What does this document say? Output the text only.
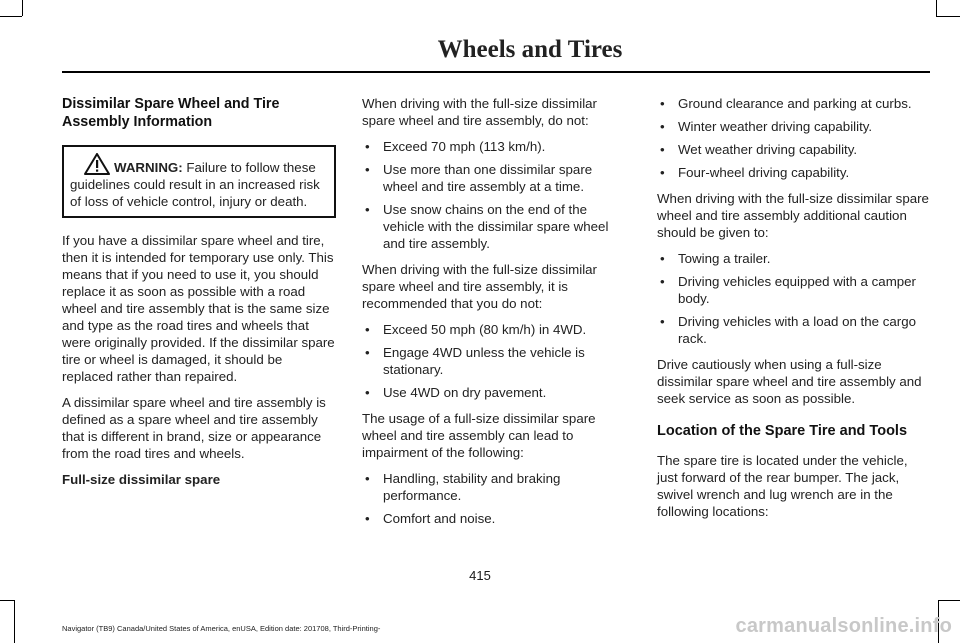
Wheels and Tires
Dissimilar Spare Wheel and Tire Assembly Information
WARNING: Failure to follow these guidelines could result in an increased risk of loss of vehicle control, injury or death.

If you have a dissimilar spare wheel and tire, then it is intended for temporary use only. This means that if you need to use it, you should replace it as soon as possible with a road wheel and tire assembly that is the same size and type as the road tires and wheels that were originally provided. If the dissimilar spare tire or wheel is damaged, it should be replaced rather than repaired.

A dissimilar spare wheel and tire assembly is defined as a spare wheel and tire assembly that is different in brand, size or appearance from the road tires and wheels.

Full-size dissimilar spare

When driving with the full-size dissimilar spare wheel and tire assembly, do not:

• Exceed 70 mph (113 km/h).
• Use more than one dissimilar spare wheel and tire assembly at a time.
• Use snow chains on the end of the vehicle with the dissimilar spare wheel and tire assembly.

When driving with the full-size dissimilar spare wheel and tire assembly, it is recommended that you do not:

• Exceed 50 mph (80 km/h) in 4WD.
• Engage 4WD unless the vehicle is stationary.
• Use 4WD on dry pavement.

The usage of a full-size dissimilar spare wheel and tire assembly can lead to impairment of the following:

• Handling, stability and braking performance.
• Comfort and noise.
• Ground clearance and parking at curbs.
• Winter weather driving capability.
• Wet weather driving capability.
• Four-wheel driving capability.

When driving with the full-size dissimilar spare wheel and tire assembly additional caution should be given to:

• Towing a trailer.
• Driving vehicles equipped with a camper body.
• Driving vehicles with a load on the cargo rack.

Drive cautiously when using a full-size dissimilar spare wheel and tire assembly and seek service as soon as possible.

Location of the Spare Tire and Tools

The spare tire is located under the vehicle, just forward of the rear bumper. The jack, swivel wrench and lug wrench are in the following locations:

415
Navigator (TB9) Canada/United States of America, enUSA, Edition date: 201708, Third-Printing-	carmanualsonline.info
